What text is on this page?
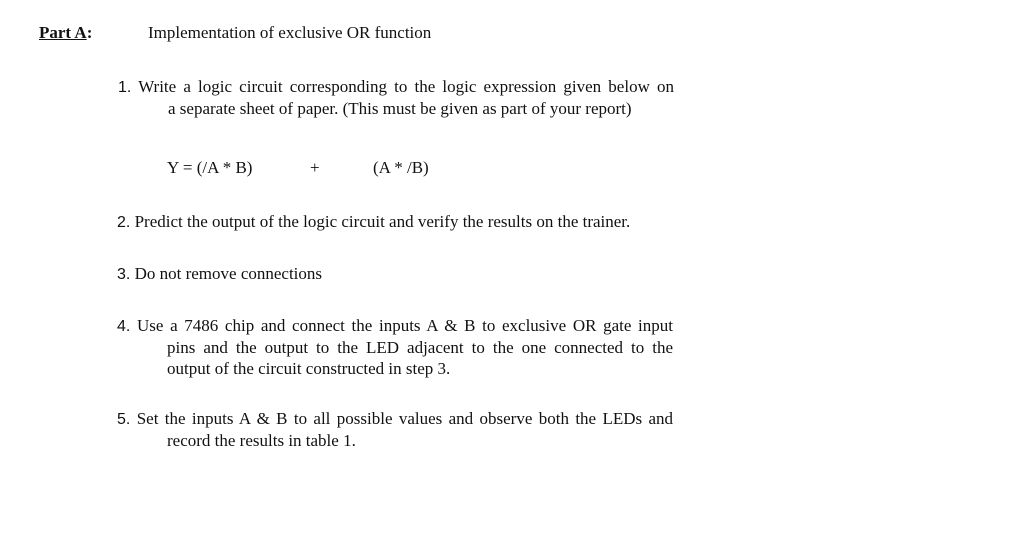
Part A:	Implementation of exclusive OR function
1. Write a logic circuit corresponding to the logic expression given below on
a separate sheet of paper. (This must be given as part of your report)
Y = (/A * B)	+	(A * /B)
2. Predict the output of the logic circuit and verify the results on the trainer.
3. Do not remove connections
4. Use a 7486 chip and connect the inputs A & B to exclusive OR gate input
pins and the output to the LED adjacent to the one connected to the
output of the circuit constructed in step 3.
5. Set the inputs A & B to all possible values and observe both the LEDs and
record the results in table 1.
